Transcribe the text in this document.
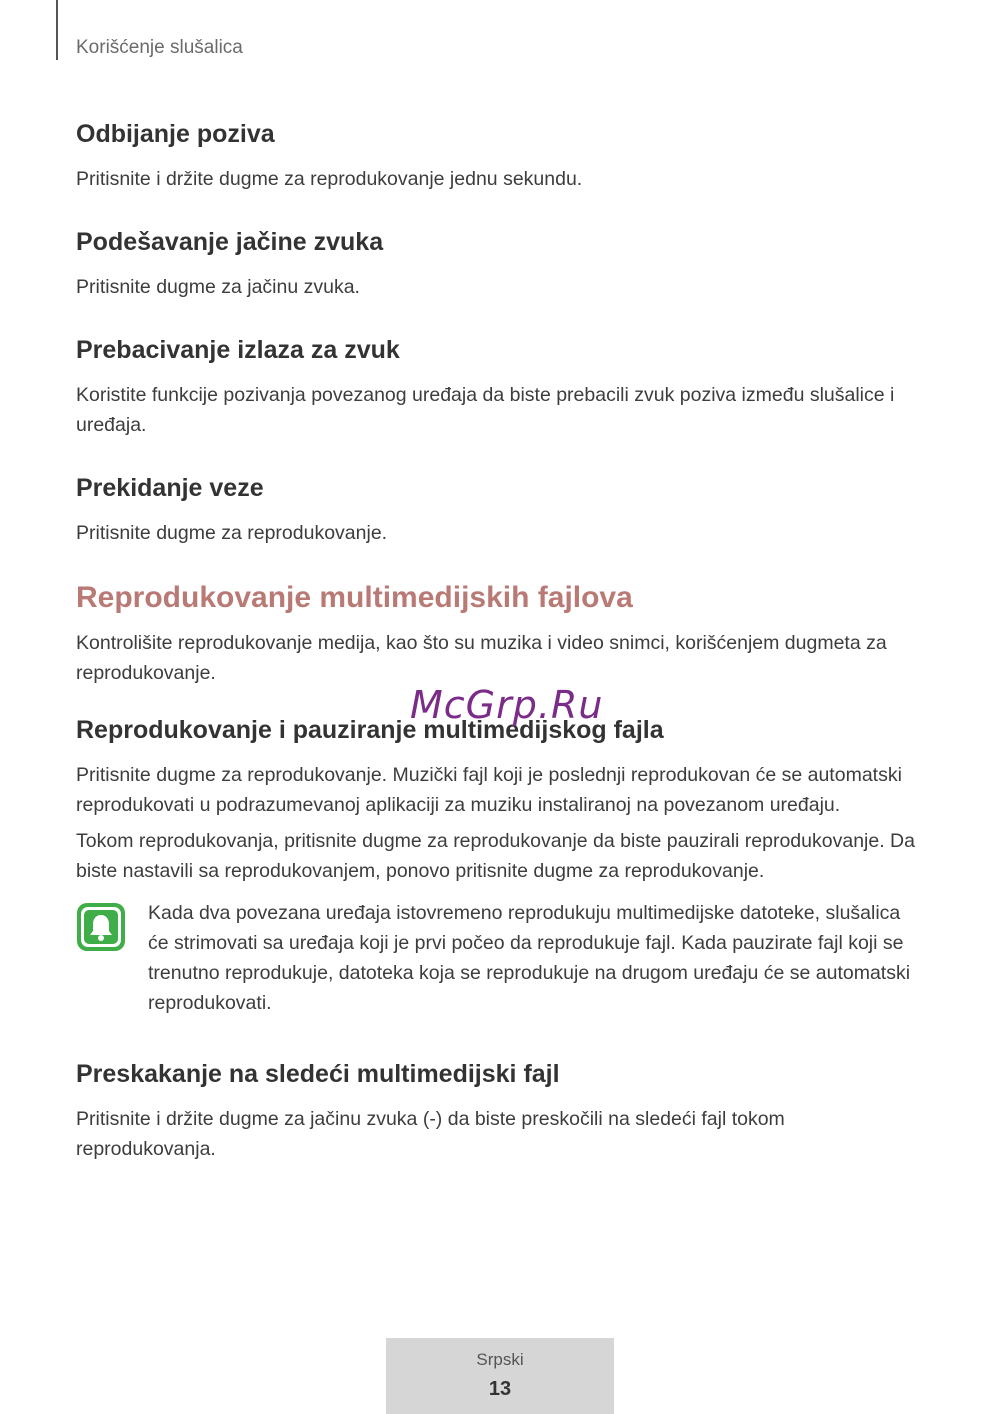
Korišćenje slušalica
Odbijanje poziva

Pritisnite i držite dugme za reprodukovanje jednu sekundu.

Podešavanje jačine zvuka

Pritisnite dugme za jačinu zvuka.

Prebacivanje izlaza za zvuk

Koristite funkcije pozivanja povezanog uređaja da biste prebacili zvuk poziva između slušalice i uređaja.

Prekidanje veze

Pritisnite dugme za reprodukovanje.

Reprodukovanje multimedijskih fajlova

Kontrolišite reprodukovanje medija, kao što su muzika i video snimci, korišćenjem dugmeta za reprodukovanje.

Reprodukovanje i pauziranje multimedijskog fajla

Pritisnite dugme za reprodukovanje. Muzički fajl koji je poslednji reprodukovan će se automatski reprodukovati u podrazumevanoj aplikaciji za muziku instaliranoj na povezanom uređaju.

Tokom reprodukovanja, pritisnite dugme za reprodukovanje da biste pauzirali reprodukovanje. Da biste nastavili sa reprodukovanjem, ponovo pritisnite dugme za reprodukovanje.

Kada dva povezana uređaja istovremeno reprodukuju multimedijske datoteke, slušalica će strimovati sa uređaja koji je prvi počeo da reprodukuje fajl. Kada pauzirate fajl koji se trenutno reprodukuje, datoteka koja se reprodukuje na drugom uređaju će se automatski reprodukovati.

Preskakanje na sledeći multimedijski fajl

Pritisnite i držite dugme za jačinu zvuka (-) da biste preskočili na sledeći fajl tokom reprodukovanja.

McGrp.Ru
Srpski
13
